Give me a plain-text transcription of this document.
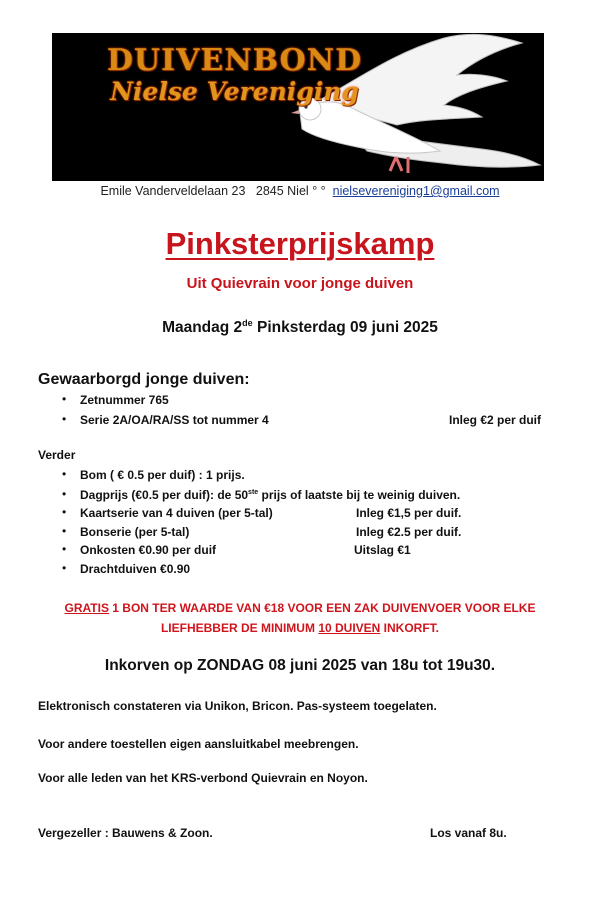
DUIVENBOND
Nielse Vereniging
Emile Vanderveldelaan 23 2845 Niel ° ° nielsevereniging1@gmail.com
Pinksterprijskamp
Uit Quievrain voor jonge duiven
Maandag 2de Pinksterdag 09 juni 2025
Gewaarborgd jonge duiven:
• Zetnummer 765
• Serie 2A/OA/RA/SS tot nummer 4	Inleg €2 per duif
Verder
• Bom ( € 0.5 per duif) : 1 prijs.
• Dagprijs (€0.5 per duif): de 50ste prijs of laatste bij te weinig duiven.
• Kaartserie van 4 duiven (per 5-tal)	Inleg €1,5 per duif.
• Bonserie (per 5-tal)	Inleg €2.5 per duif.
• Onkosten €0.90 per duif	Uitslag €1
• Drachtduiven €0.90
GRATIS 1 BON TER WAARDE VAN €18 VOOR EEN ZAK DUIVENVOER VOOR ELKE
LIEFHEBBER DE MINIMUM 10 DUIVEN INKORFT.
Inkorven op ZONDAG 08 juni 2025 van 18u tot 19u30.
Elektronisch constateren via Unikon, Bricon. Pas-systeem toegelaten.
Voor andere toestellen eigen aansluitkabel meebrengen.
Voor alle leden van het KRS-verbond Quievrain en Noyon.
Vergezeller : Bauwens & Zoon.	Los vanaf 8u.
